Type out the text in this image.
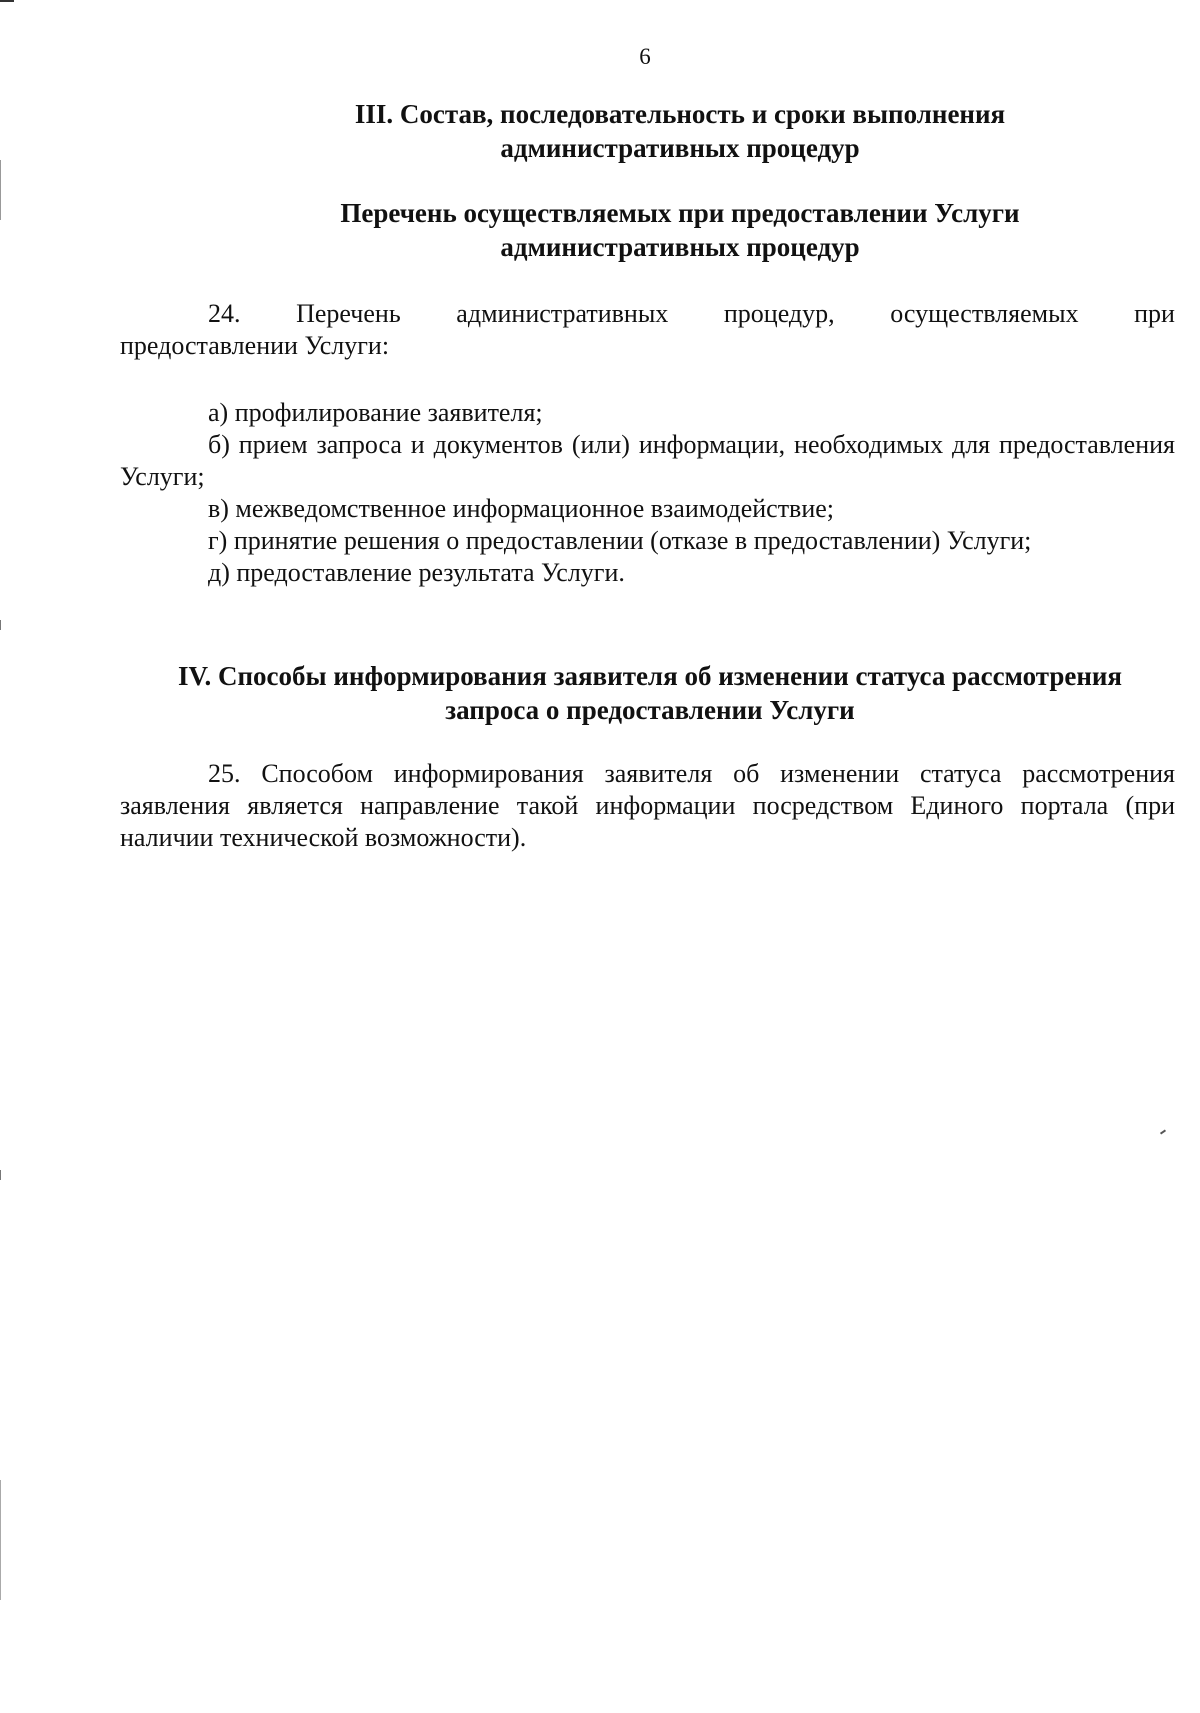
6
III. Состав, последовательность и сроки выполнения
административных процедур
Перечень осуществляемых при предоставлении Услуги
административных процедур
24. Перечень административных процедур, осуществляемых при
предоставлении Услуги:
а) профилирование заявителя;
б) прием запроса и документов (или) информации, необходимых для предоставления Услуги;
в) межведомственное информационное взаимодействие;
г) принятие решения о предоставлении (отказе в предоставлении) Услуги;
д) предоставление результата Услуги.
IV. Способы информирования заявителя об изменении статуса рассмотрения
запроса о предоставлении Услуги
25. Способом информирования заявителя об изменении статуса рассмотрения заявления является направление такой информации посредством Единого портала (при наличии технической возможности).
